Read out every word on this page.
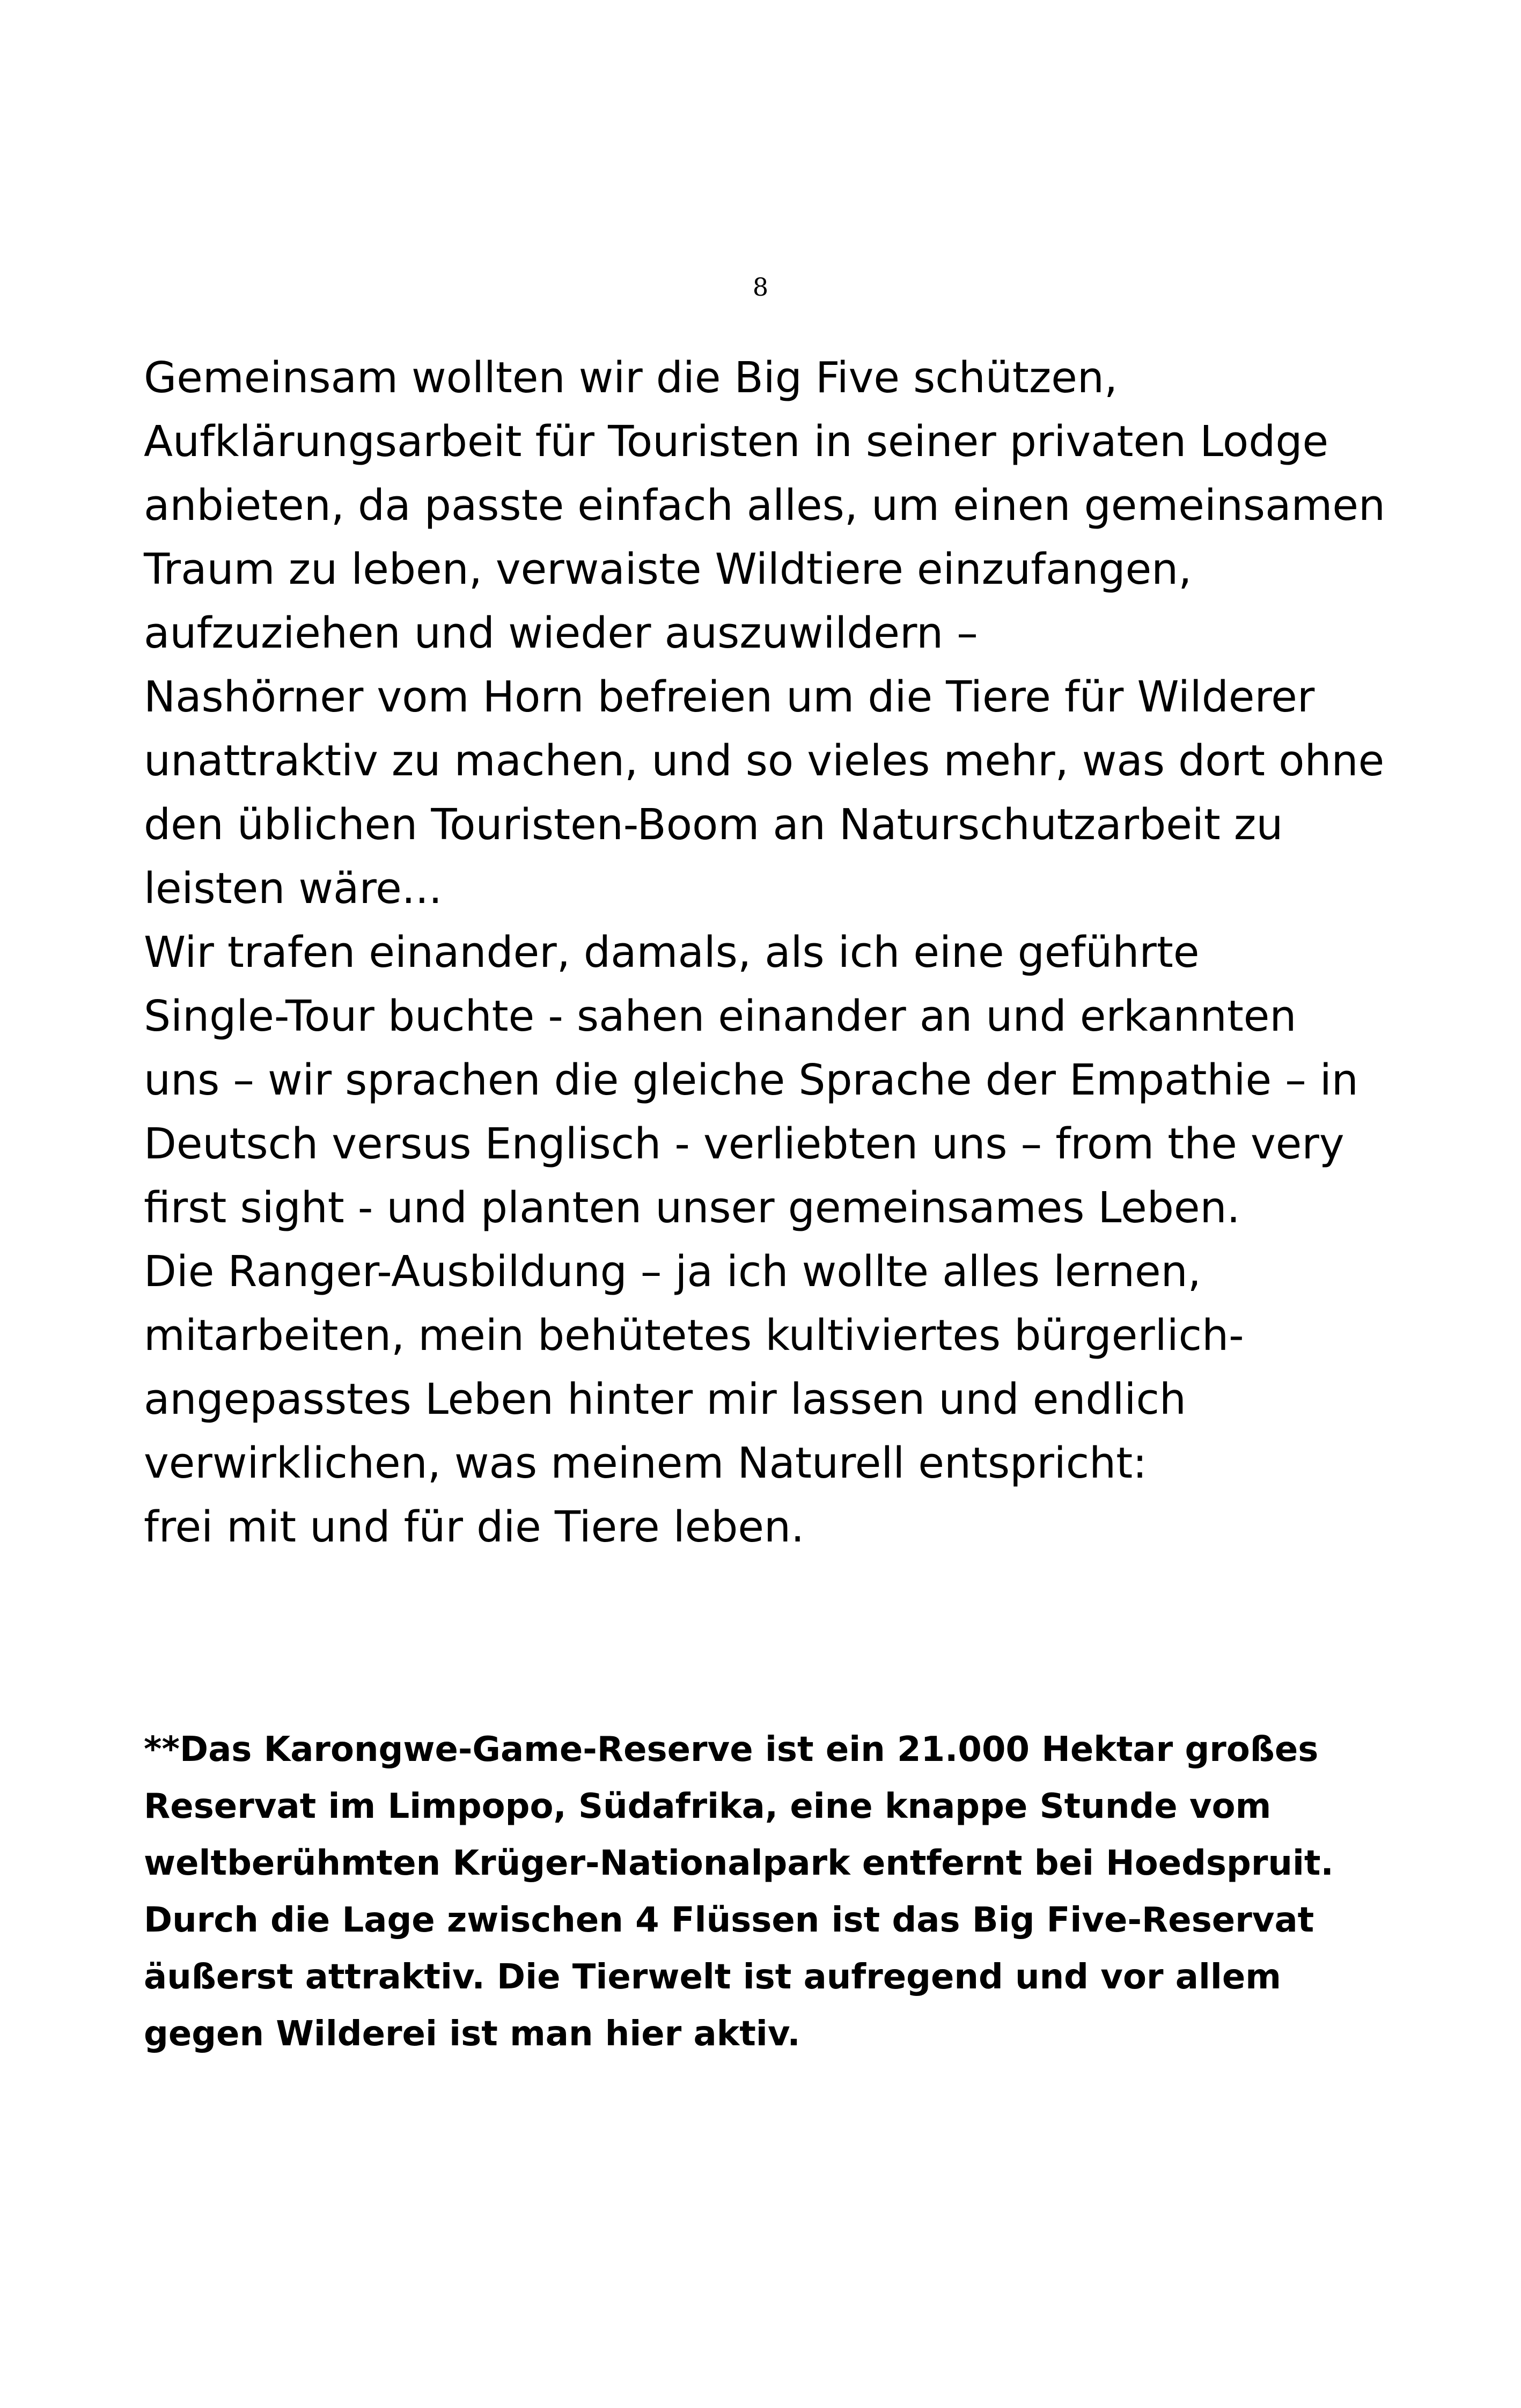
8
Gemeinsam wollten wir die Big Five schützen,
Aufklärungsarbeit für Touristen in seiner privaten Lodge
anbieten, da passte einfach alles, um einen gemeinsamen
Traum zu leben, verwaiste Wildtiere einzufangen,
aufzuziehen und wieder auszuwildern –
Nashörner vom Horn befreien um die Tiere für Wilderer
unattraktiv zu machen, und so vieles mehr, was dort ohne
den üblichen Touristen-Boom an Naturschutzarbeit zu
leisten wäre...
Wir trafen einander, damals, als ich eine geführte
Single-Tour buchte - sahen einander an und erkannten
uns – wir sprachen die gleiche Sprache der Empathie – in
Deutsch versus Englisch - verliebten uns – from the very
first sight - und planten unser gemeinsames Leben.
Die Ranger-Ausbildung – ja ich wollte alles lernen,
mitarbeiten, mein behütetes kultiviertes bürgerlich-
angepasstes Leben hinter mir lassen und endlich
verwirklichen, was meinem Naturell entspricht:
frei mit und für die Tiere leben.
**Das Karongwe-Game-Reserve ist ein 21.000 Hektar großes
Reservat im Limpopo, Südafrika, eine knappe Stunde vom
weltberühmten Krüger-Nationalpark entfernt bei Hoedspruit.
Durch die Lage zwischen 4 Flüssen ist das Big Five-Reservat
äußerst attraktiv. Die Tierwelt ist aufregend und vor allem
gegen Wilderei ist man hier aktiv.
